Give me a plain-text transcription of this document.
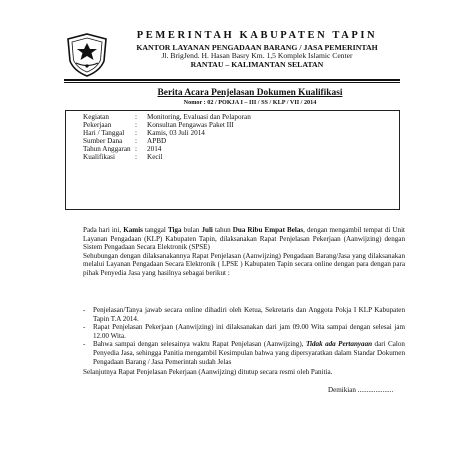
PEMERINTAH KABUPATEN TAPIN
KANTOR LAYANAN PENGADAAN BARANG / JASA PEMERINTAH
Jl. BrigJend. H. Hasan Basry Km. 1,5 Komplek Islamic Center
RANTAU – KALIMANTAN SELATAN
Berita Acara Penjelasan Dokumen Kualifikasi
Nomor : 02 / POKJA I – III / SS / KLP / VII / 2014
Kegiatan	: Monitoring, Evaluasi dan Pelaporan
Pekerjaan	: Konsultan Pengawas Paket III
Hari / Tanggal : Kamis, 03 Juli 2014
Sumber Dana : APBD
Tahun Anggaran : 2014
Kualifikasi	: Kecil

Pada hari ini, Kamis tanggal Tiga bulan Juli tahun Dua Ribu Empat Belas, dengan mengambil tempat di Unit Layanan Pengadaan (KLP) Kabupaten Tapin, dilaksanakan Rapat Penjelasan Pekerjaan (Aanwijzing) dengan Sistem Pengadaan Secara Elektronik (SPSE)

Sehubungan dengan dilaksanakannya Rapat Penjelasan (Aanwijzing) Pengadaan Barang/Jasa yang dilaksanakan melalui Layanan Pengadaan Secara Elektronik ( LPSE ) Kabupaten Tapin secara online dengan para dengan para pihak Penyedia Jasa yang hasilnya sebagai berikut :

- Penjelasan/Tanya jawab secara online dihadiri oleh Ketua, Sekretaris dan Anggota Pokja I KLP Kabupaten Tapin T.A 2014.
- Rapat Penjelasan Pekerjaan (Aanwijzing) ini dilaksanakan dari jam 09.00 Wita sampai dengan selesai jam 12.00 Wita.
- Bahwa sampai dengan selesainya waktu Rapat Penjelasan (Aanwijzing), Tidak ada Pertanyaan dari Calon Penyedia Jasa, sehingga Panitia mengambil Kesimpulan bahwa yang dipersyaratkan dalam Standar Dokumen Pengadaan Barang / Jasa Pemerintah sudah Jelas
Selanjutnya Rapat Penjelasan Pekerjaan (Aanwijzing) ditutup secara resmi oleh Panitia.
Demikian ....................
